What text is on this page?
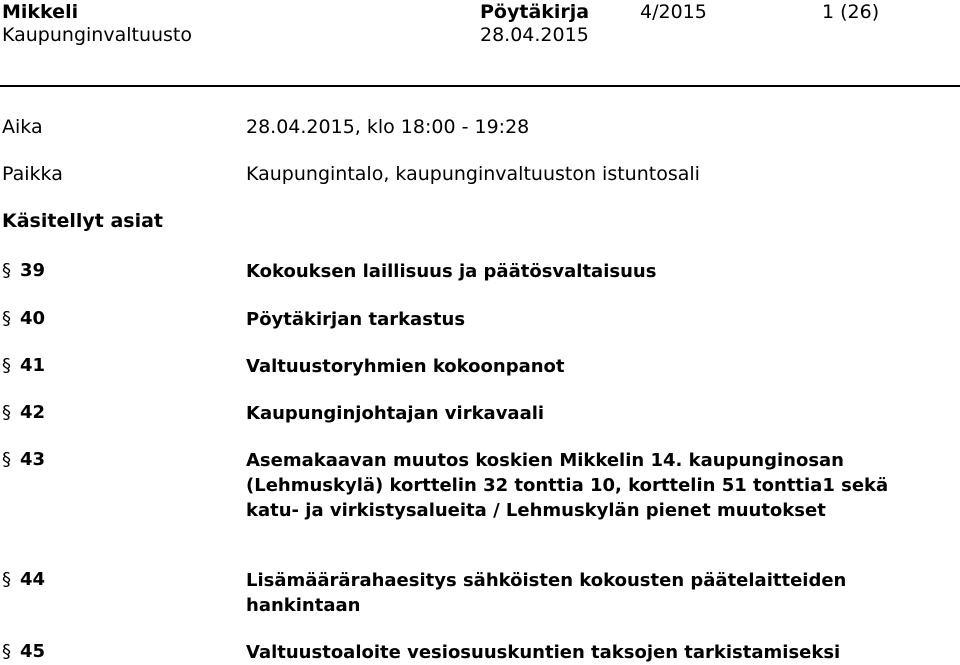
Mikkeli
Kaupunginvaltuusto
Pöytäkirja
28.04.2015
4/2015	1 (26)
Aika	28.04.2015, klo 18:00 - 19:28
Paikka	Kaupungintalo, kaupunginvaltuuston istuntosali
Käsitellyt asiat
§ 39	Kokouksen laillisuus ja päätösvaltaisuus
§ 40	Pöytäkirjan tarkastus
§ 41	Valtuustoryhmien kokoonpanot
§ 42	Kaupunginjohtajan virkavaali
§ 43	Asemakaavan muutos koskien Mikkelin 14. kaupunginosan (Lehmuskylä) korttelin 32 tonttia 10, korttelin 51 tonttia1 sekä katu- ja virkistysalueita / Lehmuskylän pienet muutokset
§ 44	Lisämäärärahaesitys sähköisten kokousten päätelaitteiden hankintaan
§ 45	Valtuustoaloite vesiosuuskuntien taksojen tarkistamiseksi
